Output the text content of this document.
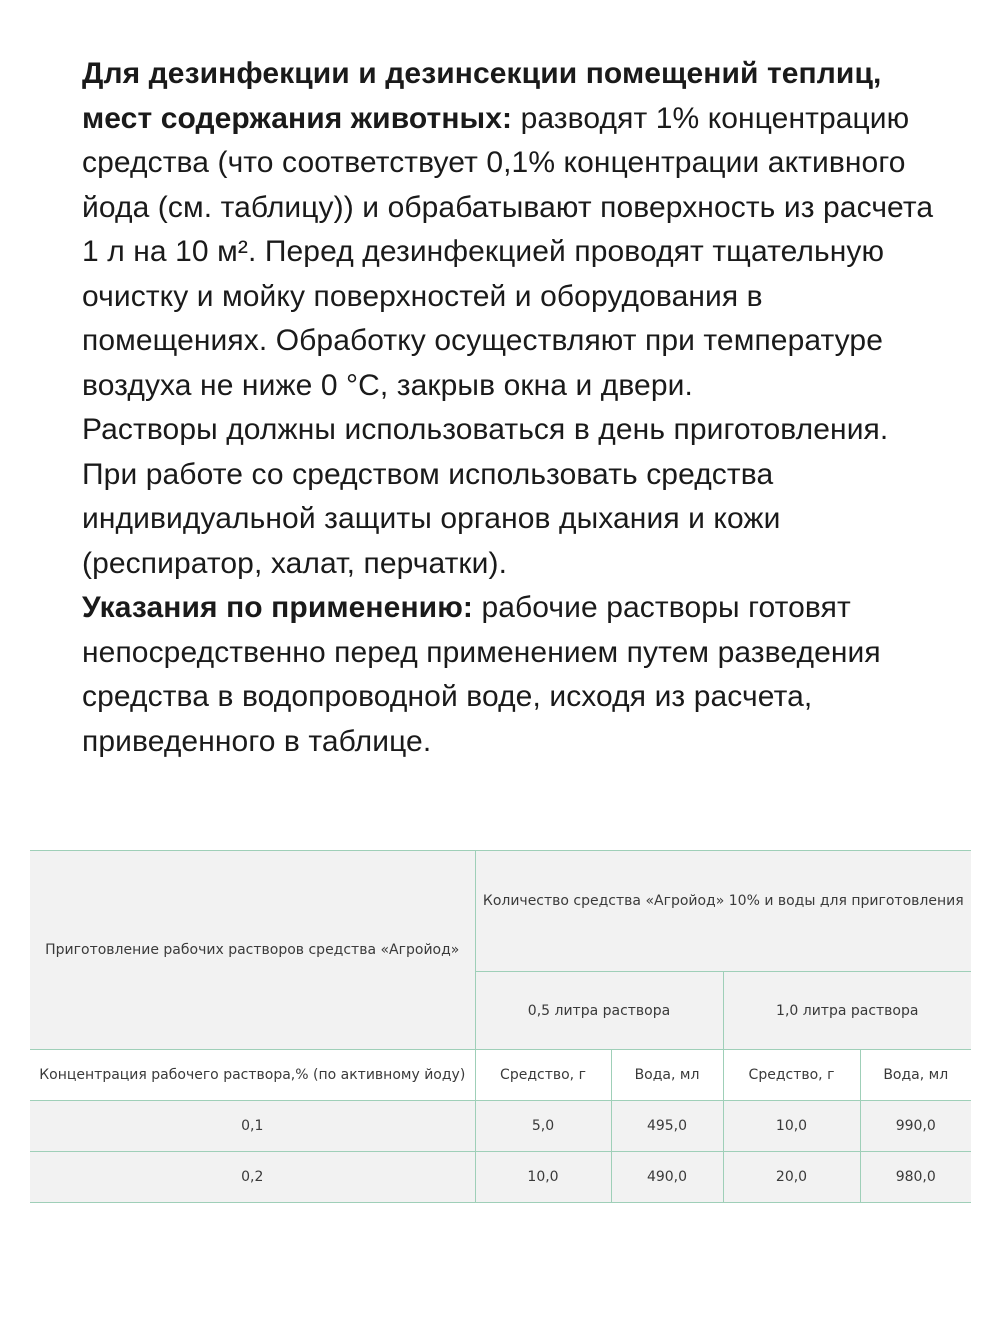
Для дезинфекции и дезинсекции помещений теплиц, мест содержания животных: разводят 1% концентрацию средства (что соответствует 0,1% концентрации активного йода (см. таблицу)) и обрабатывают поверхность из расчета 1 л на 10 м². Перед дезинфекцией проводят тщательную очистку и мойку поверхностей и оборудования в помещениях. Обработку осуществляют при температуре воздуха не ниже 0 °C, закрыв окна и двери.

Растворы должны использоваться в день приготовления. При работе со средством использовать средства индивидуальной защиты органов дыхания и кожи (респиратор, халат, перчатки).

Указания по применению: рабочие растворы готовят непосредственно перед применением путем разведения средства в водопроводной воде, исходя из расчета, приведенного в таблице.

Приготовление рабочих растворов средства «Агройод»	Количество средства «Агройод» 10% и воды для приготовления			
	0,5 литра раствора		1,0 литра раствора	
Концентрация рабочего раствора,% (по активному йоду)	Средство, г	Вода, мл	Средство, г	Вода, мл
0,1	5,0	495,0	10,0	990,0
0,2	10,0	490,0	20,0	980,0
